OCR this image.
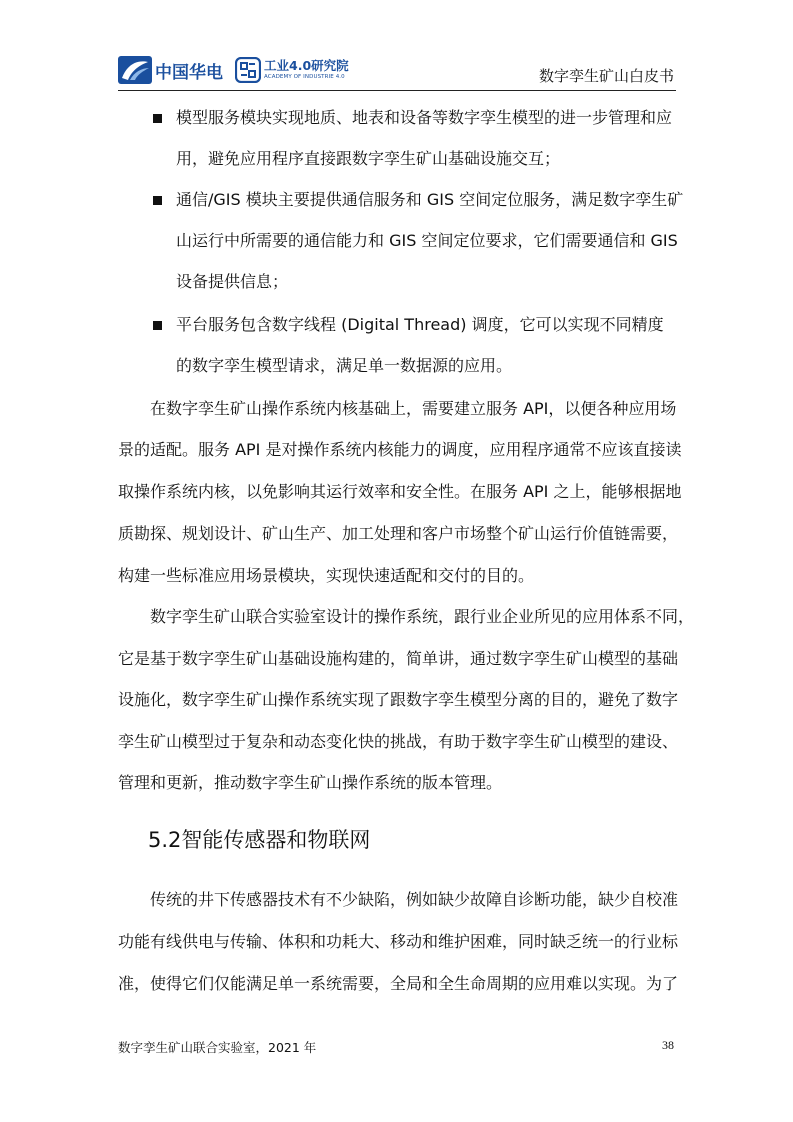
中国华电	工业4.0研究院
ACADEMY OF INDUSTRIE 4.0	数字孪生矿山白皮书
模型服务模块实现地质、地表和设备等数字孪生模型的进一步管理和应
用，避免应用程序直接跟数字孪生矿山基础设施交互；
通信/GIS 模块主要提供通信服务和 GIS 空间定位服务，满足数字孪生矿
山运行中所需要的通信能力和 GIS 空间定位要求，它们需要通信和 GIS
设备提供信息；
平台服务包含数字线程 (Digital Thread) 调度，它可以实现不同精度
的数字孪生模型请求，满足单一数据源的应用。
在数字孪生矿山操作系统内核基础上，需要建立服务 API，以便各种应用场
景的适配。服务 API 是对操作系统内核能力的调度，应用程序通常不应该直接读
取操作系统内核，以免影响其运行效率和安全性。在服务 API 之上，能够根据地
质勘探、规划设计、矿山生产、加工处理和客户市场整个矿山运行价值链需要，
构建一些标准应用场景模块，实现快速适配和交付的目的。
数字孪生矿山联合实验室设计的操作系统，跟行业企业所见的应用体系不同，
它是基于数字孪生矿山基础设施构建的，简单讲，通过数字孪生矿山模型的基础
设施化，数字孪生矿山操作系统实现了跟数字孪生模型分离的目的，避免了数字
孪生矿山模型过于复杂和动态变化快的挑战，有助于数字孪生矿山模型的建设、
管理和更新，推动数字孪生矿山操作系统的版本管理。
5.2智能传感器和物联网
传统的井下传感器技术有不少缺陷，例如缺少故障自诊断功能，缺少自校准
功能有线供电与传输、体积和功耗大、移动和维护困难，同时缺乏统一的行业标
准，使得它们仅能满足单一系统需要，全局和全生命周期的应用难以实现。为了
数字孪生矿山联合实验室，2021 年	38
